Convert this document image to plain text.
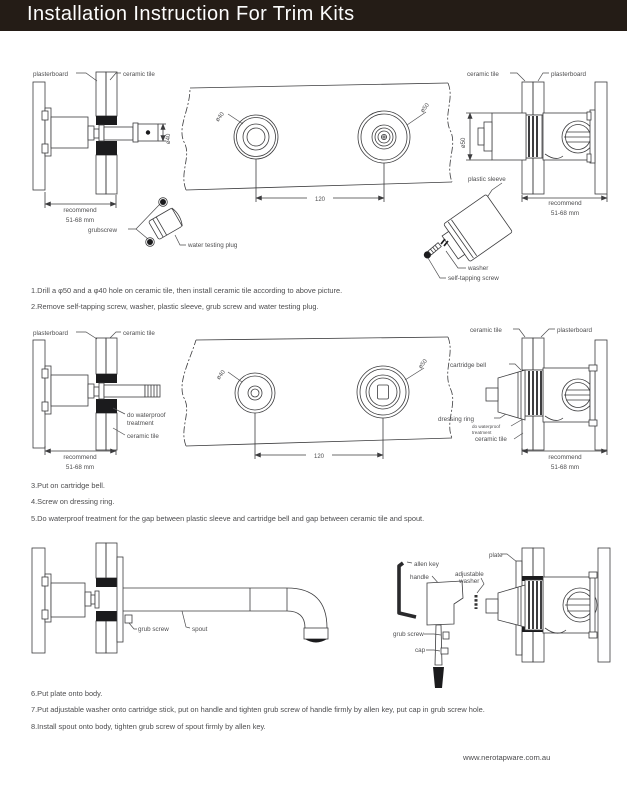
Installation Instruction For Trim Kits
plasterboard	ceramic tile
ø40
recommend
51-68 mm
ø40
ø50
120
ceramic tile	plasterboard
ø50
plastic sleeve
recommend
51-68 mm
washer
self-tapping screw
grubscrew
water testing plug

1.Drill a φ50 and a φ40 hole on ceramic tile, then install ceramic tile according to above picture.

2.Remove self-tapping screw, washer, plastic sleeve, grub screw and water testing plug.

plasterboard	ceramic tile
do waterproof
treatment
ceramic tile
recommend
51-68 mm
ø40
ø50
120
ceramic tile	plasterboard
cartridge bell
dressing ring
do waterproof
treatment
ceramic tile
recommend
51-68 mm

3.Put on cartridge bell.

4.Screw on dressing ring.

5.Do waterproof treatment for the gap between plastic sleeve and cartridge bell and gap between ceramic tile and spout.

grub screw	spout
allen key
handle
grub screw
cap
adjustable
washer
plate

6.Put plate onto body.

7.Put adjustable washer onto cartridge stick, put on handle and tighten grub screw of handle firmly by allen key, put cap in grub screw hole.

8.Install spout onto body, tighten grub screw of spout firmly by allen key.

www.nerotapware.com.au
